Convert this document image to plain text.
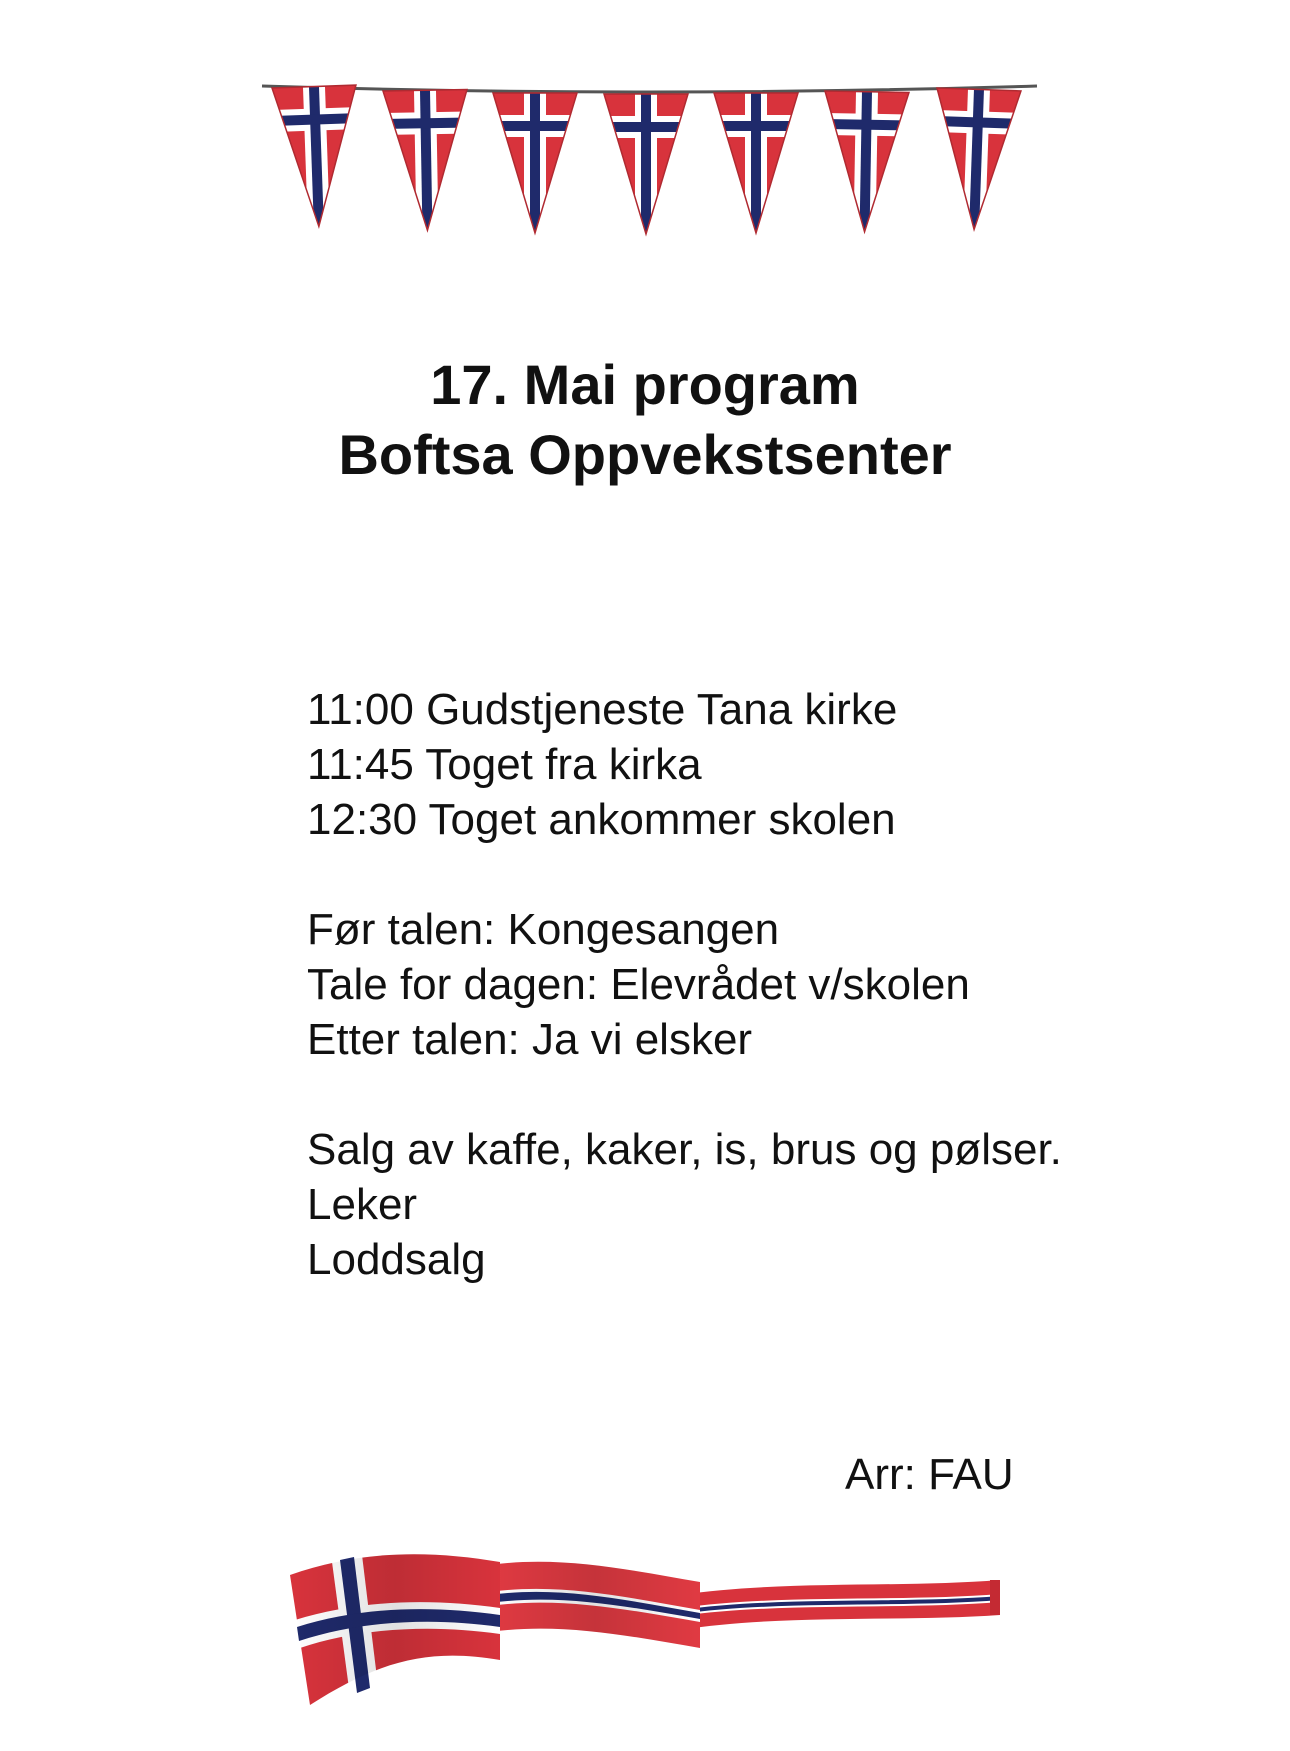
17. Mai program
Boftsa Oppvekstsenter
11:00 Gudstjeneste Tana kirke
11:45 Toget fra kirka
12:30 Toget ankommer skolen
Før talen: Kongesangen
Tale for dagen: Elevrådet v/skolen
Etter talen: Ja vi elsker
Salg av kaffe, kaker, is, brus og pølser.
Leker
Loddsalg
Arr: FAU
